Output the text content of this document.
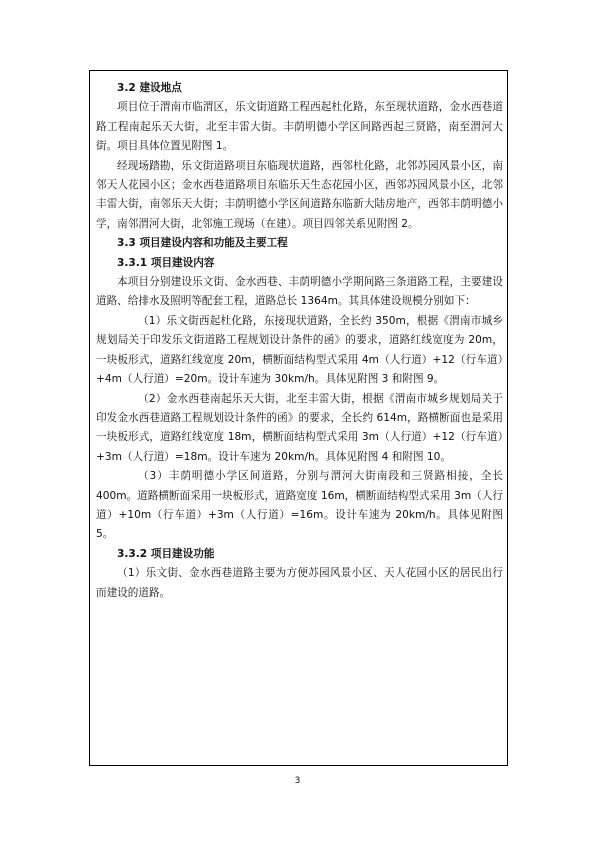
3.2 建设地点

项目位于渭南市临渭区，乐文街道路工程西起杜化路，东至现状道路，金水西巷道路工程南起乐天大街，北至丰雷大街。丰荫明德小学区间路西起三贤路，南至渭河大街。项目具体位置见附图 1。

经现场踏勘，乐文街道路项目东临现状道路，西邻杜化路，北邻苏园风景小区，南邻天人花园小区；金水西巷道路项目东临乐天生态花园小区，西邻苏园风景小区，北邻丰雷大街，南邻乐天大街；丰荫明德小学区间道路东临新大陆房地产，西邻丰荫明德小学，南邻渭河大街，北邻施工现场（在建）。项目四邻关系见附图 2。

3.3 项目建设内容和功能及主要工程

3.3.1 项目建设内容

本项目分别建设乐文街、金水西巷、丰荫明德小学期间路三条道路工程，主要建设道路、给排水及照明等配套工程，道路总长 1364m。其具体建设规模分别如下：

（1）乐文街西起杜化路，东接现状道路，全长约 350m，根据《渭南市城乡规划局关于印发乐文街道路工程规划设计条件的函》的要求，道路红线宽度为 20m，一块板形式，道路红线宽度 20m，横断面结构型式采用 4m（人行道）+12（行车道）+4m（人行道）=20m。设计车速为 30km/h。具体见附图 3 和附图 9。

（2）金水西巷南起乐天大街，北至丰雷大街，根据《渭南市城乡规划局关于印发金水西巷道路工程规划设计条件的函》的要求，全长约 614m，路横断面也是采用一块板形式，道路红线宽度 18m，横断面结构型式采用 3m（人行道）+12（行车道）+3m（人行道）=18m。设计车速为 20km/h。具体见附图 4 和附图 10。

（3）丰荫明德小学区间道路，分别与渭河大街南段和三贤路相接，全长 400m。道路横断面采用一块板形式，道路宽度 16m，横断面结构型式采用 3m（人行道）+10m（行车道）+3m（人行道）=16m。设计车速为 20km/h。具体见附图 5。

3.3.2 项目建设功能

（1）乐文街、金水西巷道路主要为方便苏园风景小区、天人花园小区的居民出行而建设的道路。

3
